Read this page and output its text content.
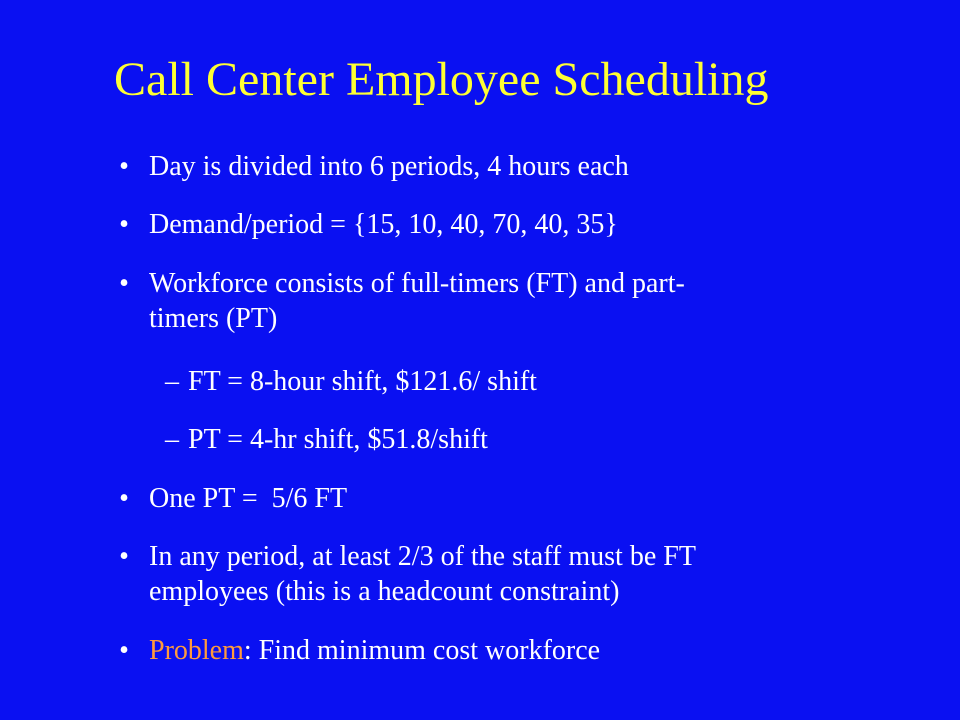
Call Center Employee Scheduling
• Day is divided into 6 periods, 4 hours each
• Demand/period = {15, 10, 40, 70, 40, 35}
• Workforce consists of full-timers (FT) and part-
timers (PT)
– FT = 8-hour shift, $121.6/ shift
– PT = 4-hr shift, $51.8/shift
• One PT =  5/6 FT
• In any period, at least 2/3 of the staff must be FT
employees (this is a headcount constraint)
• Problem: Find minimum cost workforce
